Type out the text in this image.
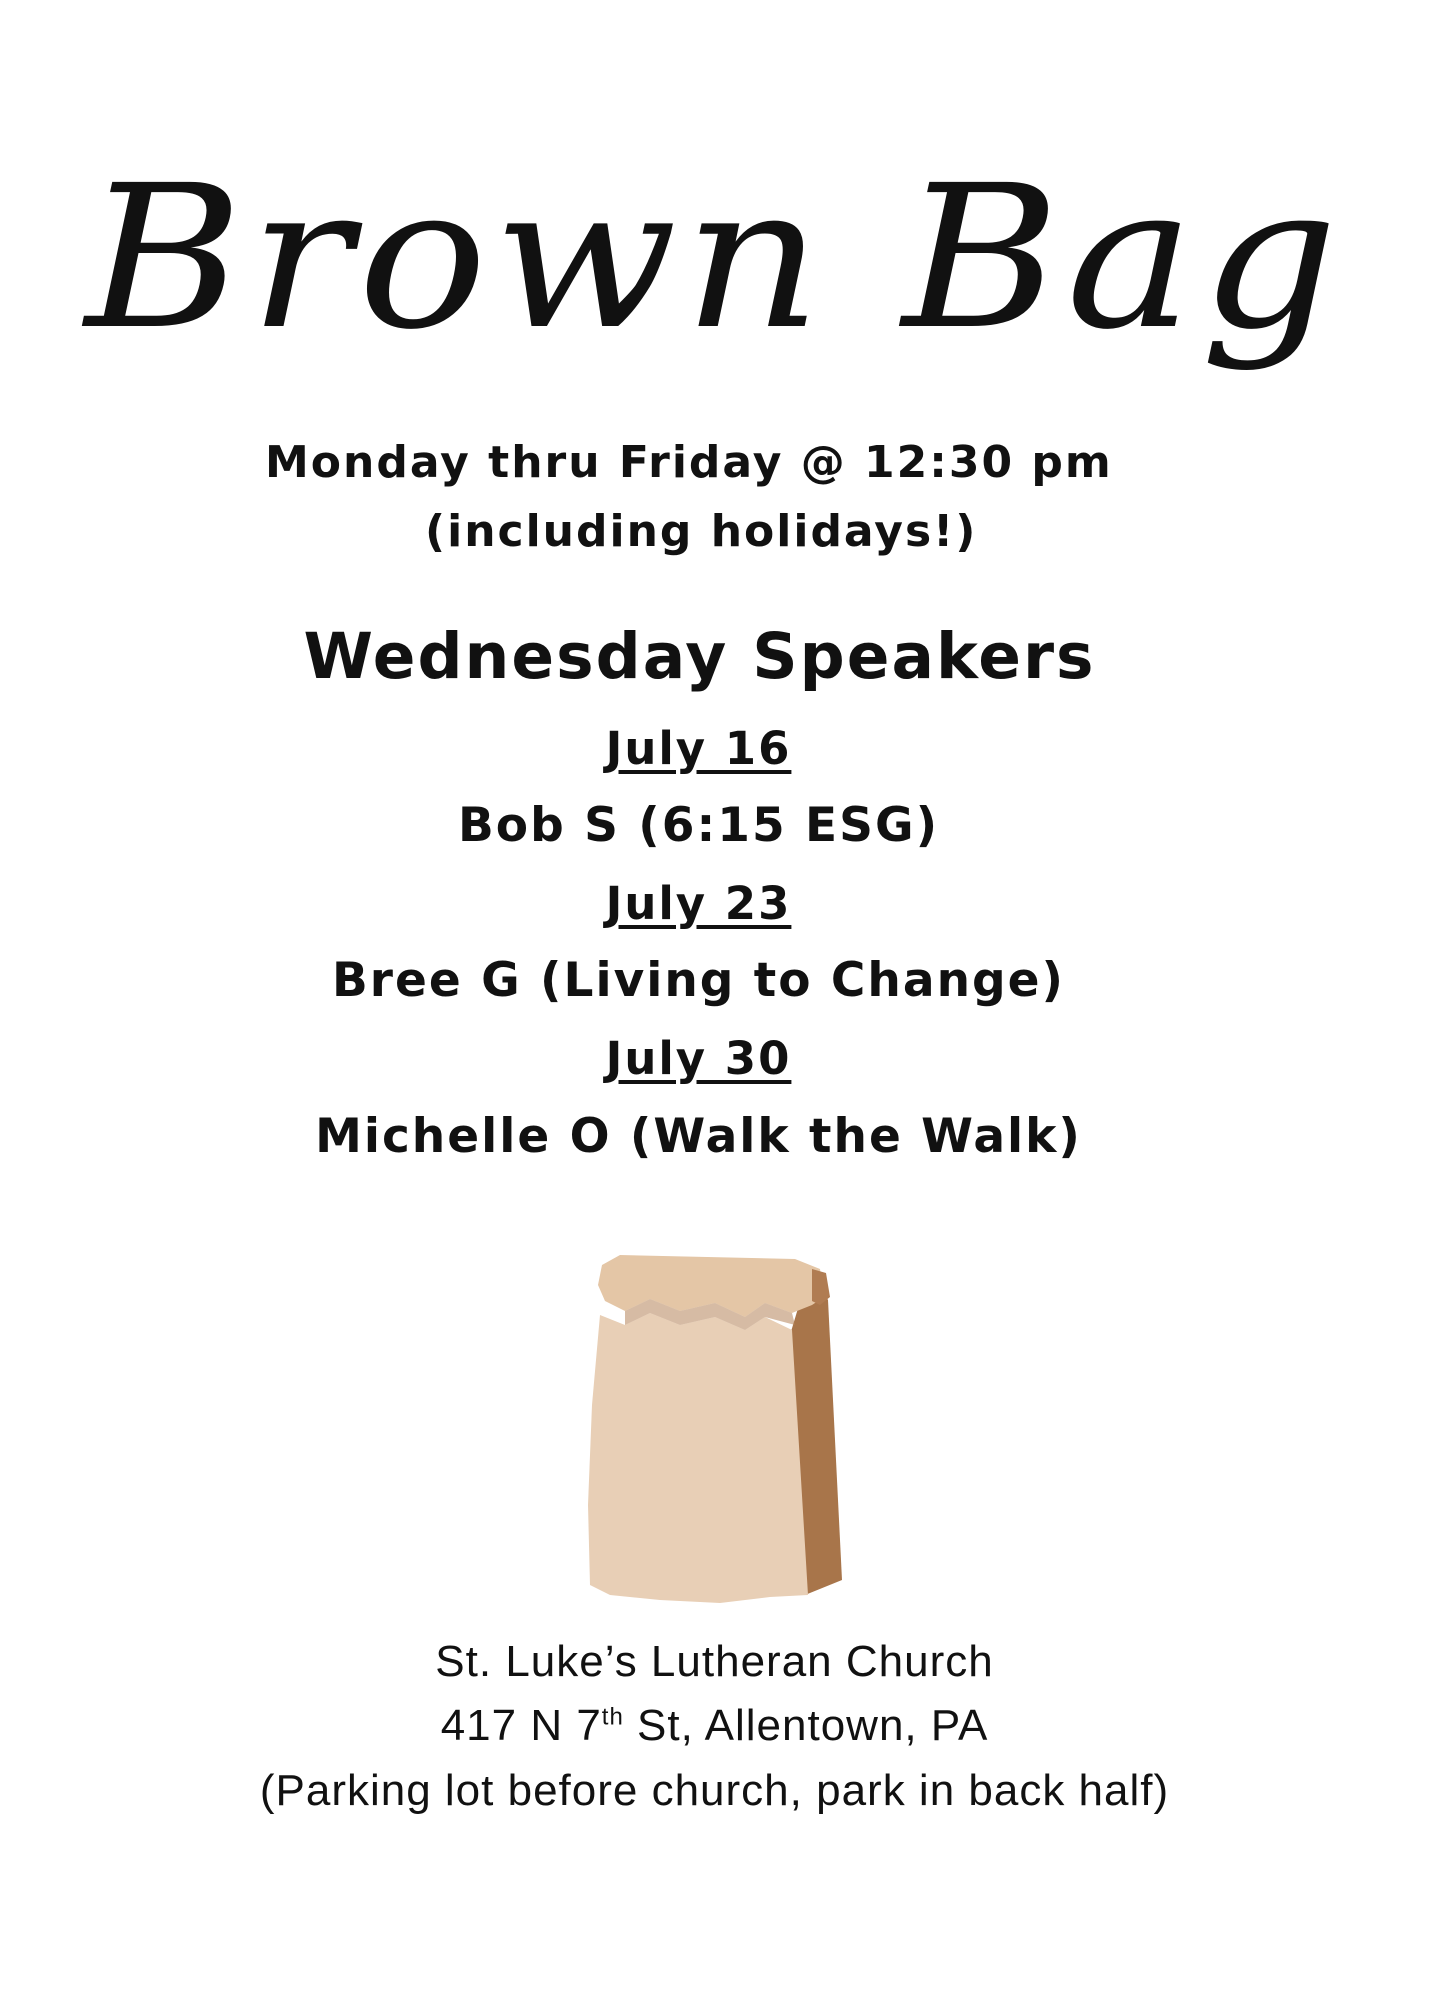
Brown Bag
Monday thru Friday @ 12:30 pm
(including holidays!)
Wednesday Speakers
July 16
Bob S (6:15 ESG)
July 23
Bree G (Living to Change)
July 30
Michelle O (Walk the Walk)
St. Luke’s Lutheran Church
417 N 7th St, Allentown, PA
(Parking lot before church, park in back half)
